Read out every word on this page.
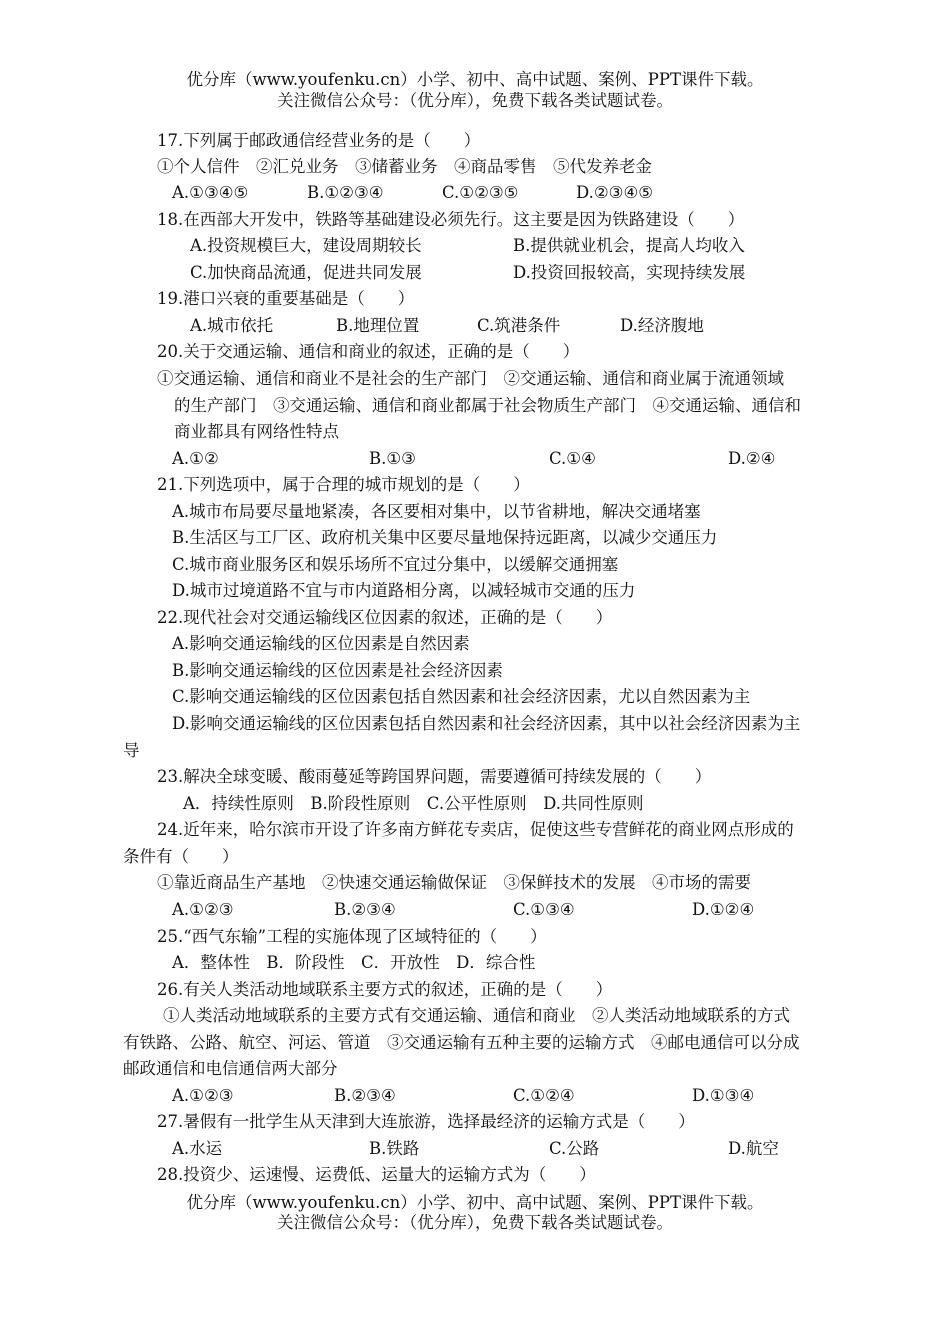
优分库（www.youfenku.cn）小学、初中、高中试题、案例、PPT课件下载。
关注微信公众号：（优分库），免费下载各类试题试卷。
17.下列属于邮政通信经营业务的是（　　）
①个人信件　②汇兑业务　③储蓄业务　④商品零售　⑤代发养老金
A.①③④⑤	B.①②③④	C.①②③⑤	D.②③④⑤
18.在西部大开发中，铁路等基础建设必须先行。这主要是因为铁路建设（　　）
A.投资规模巨大，建设周期较长	B.提供就业机会，提高人均收入
C.加快商品流通，促进共同发展	D.投资回报较高，实现持续发展
19.港口兴衰的重要基础是（　　）
A.城市依托	B.地理位置	C.筑港条件	D.经济腹地
20.关于交通运输、通信和商业的叙述，正确的是（　　）
①交通运输、通信和商业不是社会的生产部门　②交通运输、通信和商业属于流通领域
的生产部门　③交通运输、通信和商业都属于社会物质生产部门　④交通运输、通信和
商业都具有网络性特点
A.①②	B.①③	C.①④	D.②④
21.下列选项中，属于合理的城市规划的是（　　）
A.城市布局要尽量地紧凑，各区要相对集中，以节省耕地，解决交通堵塞
B.生活区与工厂区、政府机关集中区要尽量地保持远距离，以减少交通压力
C.城市商业服务区和娱乐场所不宜过分集中，以缓解交通拥塞
D.城市过境道路不宜与市内道路相分离，以减轻城市交通的压力
22.现代社会对交通运输线区位因素的叙述，正确的是（　　）
A.影响交通运输线的区位因素是自然因素
B.影响交通运输线的区位因素是社会经济因素
C.影响交通运输线的区位因素包括自然因素和社会经济因素，尤以自然因素为主
D.影响交通运输线的区位因素包括自然因素和社会经济因素，其中以社会经济因素为主
导
23.解决全球变暖、酸雨蔓延等跨国界问题，需要遵循可持续发展的（　　）
A．持续性原则　B.阶段性原则　C.公平性原则　D.共同性原则
24.近年来，哈尔滨市开设了许多南方鲜花专卖店，促使这些专营鲜花的商业网点形成的
条件有（　　）
①靠近商品生产基地　②快速交通运输做保证　③保鲜技术的发展　④市场的需要
A.①②③	B.②③④	C.①③④	D.①②④
25.“西气东输”工程的实施体现了区域特征的（　　）
A．整体性　B．阶段性　C．开放性　D．综合性
26.有关人类活动地域联系主要方式的叙述，正确的是（　　）
①人类活动地域联系的主要方式有交通运输、通信和商业　②人类活动地域联系的方式
有铁路、公路、航空、河运、管道　③交通运输有五种主要的运输方式　④邮电通信可以分成
邮政通信和电信通信两大部分
A.①②③	B.②③④	C.①②④	D.①③④
27.暑假有一批学生从天津到大连旅游，选择最经济的运输方式是（　　）
A.水运	B.铁路	C.公路	D.航空
28.投资少、运速慢、运费低、运量大的运输方式为（　　）
优分库（www.youfenku.cn）小学、初中、高中试题、案例、PPT课件下载。
关注微信公众号：（优分库），免费下载各类试题试卷。
